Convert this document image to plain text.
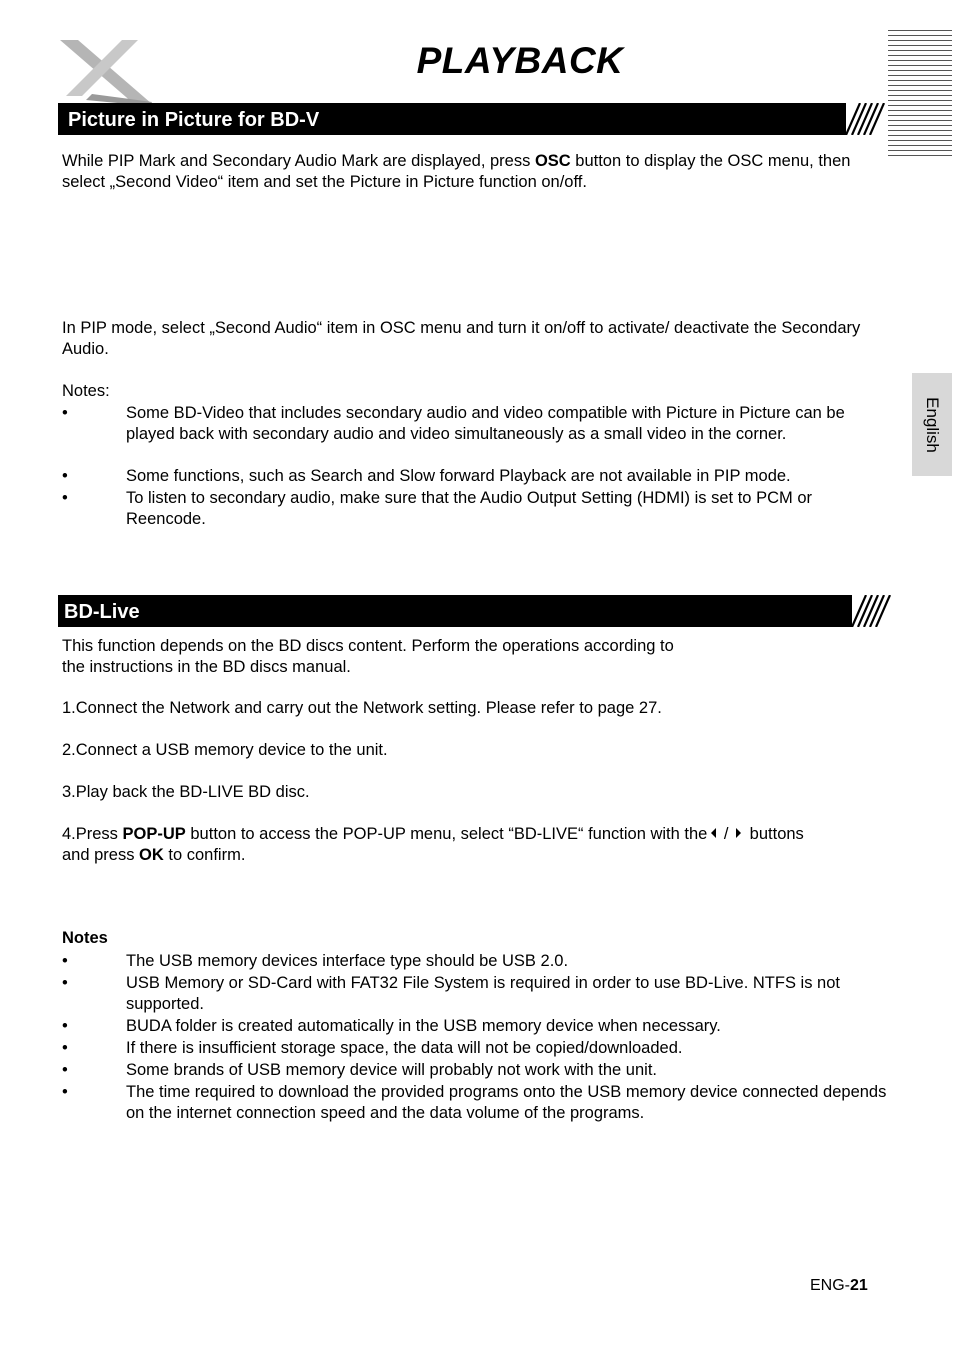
PLAYBACK
English
Picture in Picture for BD-V

While PIP Mark and Secondary Audio Mark are displayed, press OSC button to display the OSC menu, then select „Second Video“ item and set the Picture in Picture function on/off.

In PIP mode, select „Second Audio“ item in OSC menu and turn it on/off to activate/ deactivate the Secondary Audio.

Notes:

•	Some BD-Video that includes secondary audio and video compatible with Picture in Picture can be played back with secondary audio and video simultaneously as a small video in the corner.
•	Some functions, such as Search and Slow forward Playback are not available in PIP mode.
•	To listen to secondary audio, make sure that the Audio Output Setting (HDMI) is set to PCM or Reencode.
BD-Live

This function depends on the BD discs content. Perform the operations according to

the instructions in the BD discs manual.

1.Connect the Network and carry out the Network setting. Please refer to page 27.

2.Connect a USB memory device to the unit.

3.Play back the BD-LIVE BD disc.

4.Press POP-UP button to access the POP-UP menu, select “BD-LIVE“ function with the /  buttons
and press OK to confirm.

Notes

•	The USB memory devices interface type should be USB 2.0.
•	USB Memory or SD-Card with FAT32 File System is required in order to use BD-Live. NTFS is not supported.
•	BUDA folder is created automatically in the USB memory device when necessary.
•	If there is insufficient storage space, the data will not be copied/downloaded.
•	Some brands of USB memory device will probably not work with the unit.
•	The time required to download the provided programs onto the USB memory device connected depends on the internet connection speed and the data volume of the programs.
ENG-21
